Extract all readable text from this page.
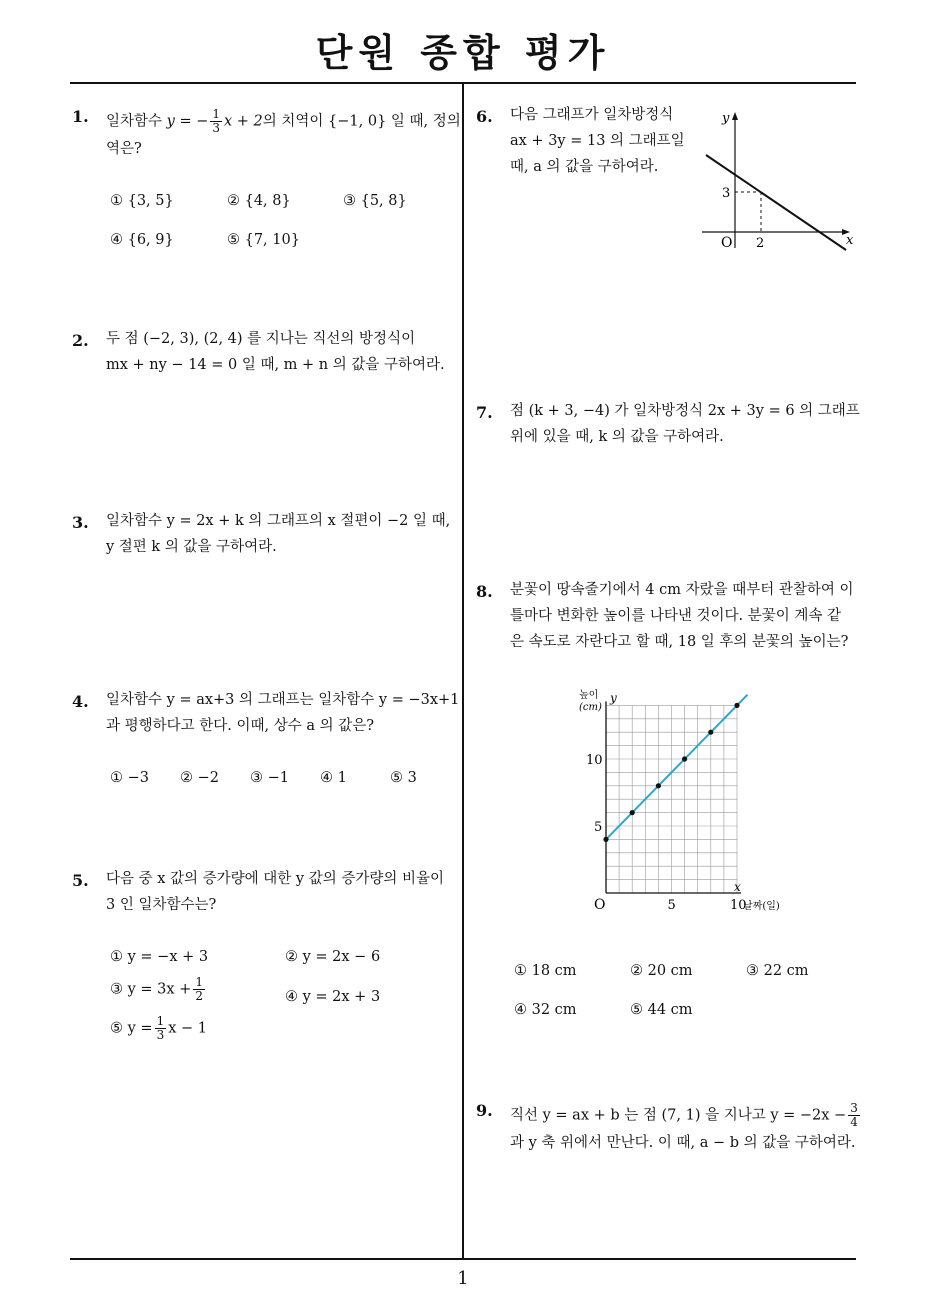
단원 종합 평가
1
1. 일차함수 y = − $\frac{1}{3}$ x + 2의 치역이 {−1, 0} 일 때, 정의
역은?
① {3, 5}	② {4, 8}	③ {5, 8}
④ {6, 9}	⑤ {7, 10}
2. 두 점 (−2, 3), (2, 4) 를 지나는 직선의 방정식이
mx + ny − 14 = 0 일 때, m + n 의 값을 구하여라.
3. 일차함수 y = 2x + k 의 그래프의 x 절편이 −2 일 때,
y 절편 k 의 값을 구하여라.
4. 일차함수 y = ax+3 의 그래프는 일차함수 y = −3x+1
과 평행하다고 한다. 이때, 상수 a 의 값은?
① −3 ② −2 ③ −1 ④ 1	⑤ 3
5. 다음 중 x 값의 증가량에 대한 y 값의 증가량의 비율이
3 인 일차함수는?
① y = −x + 3	② y = 2x − 6
③ $y = 3x + \frac{1}{2}$	④ y = 2x + 3
⑤ $y = \frac{1}{3}$ x − 1
6. 다음 그래프가 일차방정식
ax + 3y = 13 의 그래프일
때, a 의 값을 구하여라.
y
x
O
3
2
7. 점 (k + 3, −4) 가 일차방정식 2x + 3y = 6 의 그래프
위에 있을 때, k 의 값을 구하여라.
8. 분꽃이 땅속줄기에서 4 cm 자랐을 때부터 관찰하여 이
틀마다 변화한 높이를 나타낸 것이다. 분꽃이 계속 같
은 속도로 자란다고 할 때, 18 일 후의 분꽃의 높이는?
5	10
5
10
높이
(cm)
y
x
날짜(일)
O
① 18 cm	② 20 cm	③ 22 cm
④ 32 cm	⑤ 44 cm
9. 직선 y = ax + b 는 점 (7, 1) 을 지나고 $y = -2x - \frac{3}{4}$
과 y 축 위에서 만난다. 이 때, a − b 의 값을 구하여라.
